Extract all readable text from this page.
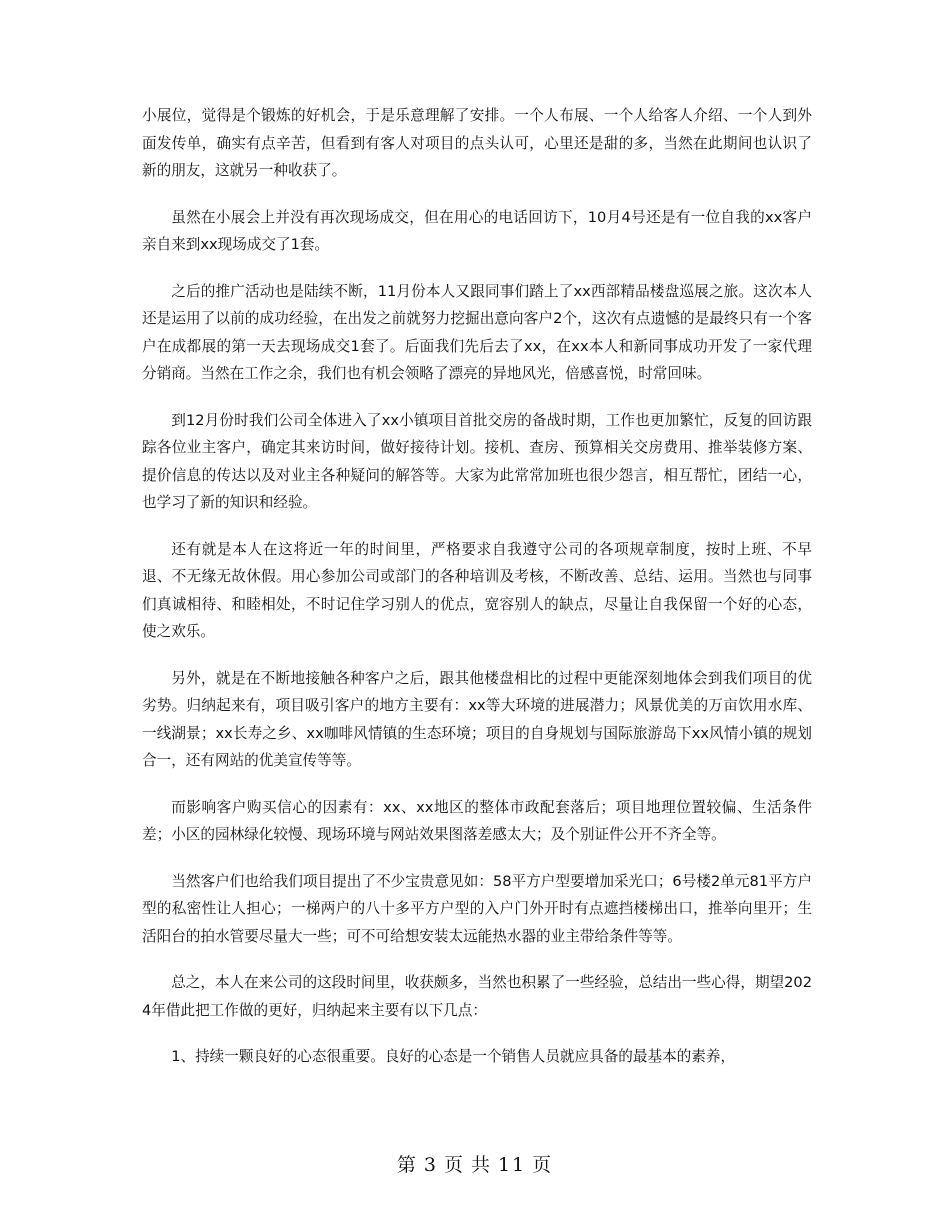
小展位，觉得是个锻炼的好机会，于是乐意理解了安排。一个人布展、一个人给客人介绍、一个人到外面发传单，确实有点辛苦，但看到有客人对项目的点头认可，心里还是甜的多，当然在此期间也认识了新的朋友，这就另一种收获了。

虽然在小展会上并没有再次现场成交，但在用心的电话回访下，10月4号还是有一位自我的xx客户亲自来到xx现场成交了1套。

之后的推广活动也是陆续不断，11月份本人又跟同事们踏上了xx西部精品楼盘巡展之旅。这次本人还是运用了以前的成功经验，在出发之前就努力挖掘出意向客户2个，这次有点遗憾的是最终只有一个客户在成都展的第一天去现场成交1套了。后面我们先后去了xx，在xx本人和新同事成功开发了一家代理分销商。当然在工作之余，我们也有机会领略了漂亮的异地风光，倍感喜悦，时常回味。

到12月份时我们公司全体进入了xx小镇项目首批交房的备战时期，工作也更加繁忙，反复的回访跟踪各位业主客户，确定其来访时间，做好接待计划。接机、查房、预算相关交房费用、推举装修方案、提价信息的传达以及对业主各种疑问的解答等。大家为此常常加班也很少怨言，相互帮忙，团结一心，也学习了新的知识和经验。

还有就是本人在这将近一年的时间里，严格要求自我遵守公司的各项规章制度，按时上班、不早退、不无缘无故休假。用心参加公司或部门的各种培训及考核，不断改善、总结、运用。当然也与同事们真诚相待、和睦相处，不时记住学习别人的优点，宽容别人的缺点，尽量让自我保留一个好的心态，使之欢乐。

另外，就是在不断地接触各种客户之后，跟其他楼盘相比的过程中更能深刻地体会到我们项目的优劣势。归纳起来有，项目吸引客户的地方主要有：xx等大环境的进展潜力；风景优美的万亩饮用水库、一线湖景；xx长寿之乡、xx咖啡风情镇的生态环境；项目的自身规划与国际旅游岛下xx风情小镇的规划合一，还有网站的优美宣传等等。

而影响客户购买信心的因素有：xx、xx地区的整体市政配套落后；项目地理位置较偏、生活条件差；小区的园林绿化较慢、现场环境与网站效果图落差感太大；及个别证件公开不齐全等。

当然客户们也给我们项目提出了不少宝贵意见如：58平方户型要增加采光口；6号楼2单元81平方户型的私密性让人担心；一梯两户的八十多平方户型的入户门外开时有点遮挡楼梯出口，推举向里开；生活阳台的拍水管要尽量大一些；可不可给想安装太远能热水器的业主带给条件等等。

总之，本人在来公司的这段时间里，收获颇多，当然也积累了一些经验，总结出一些心得，期望2024年借此把工作做的更好，归纳起来主要有以下几点：

1、持续一颗良好的心态很重要。良好的心态是一个销售人员就应具备的最基本的素养，

第 3 页 共 11 页
